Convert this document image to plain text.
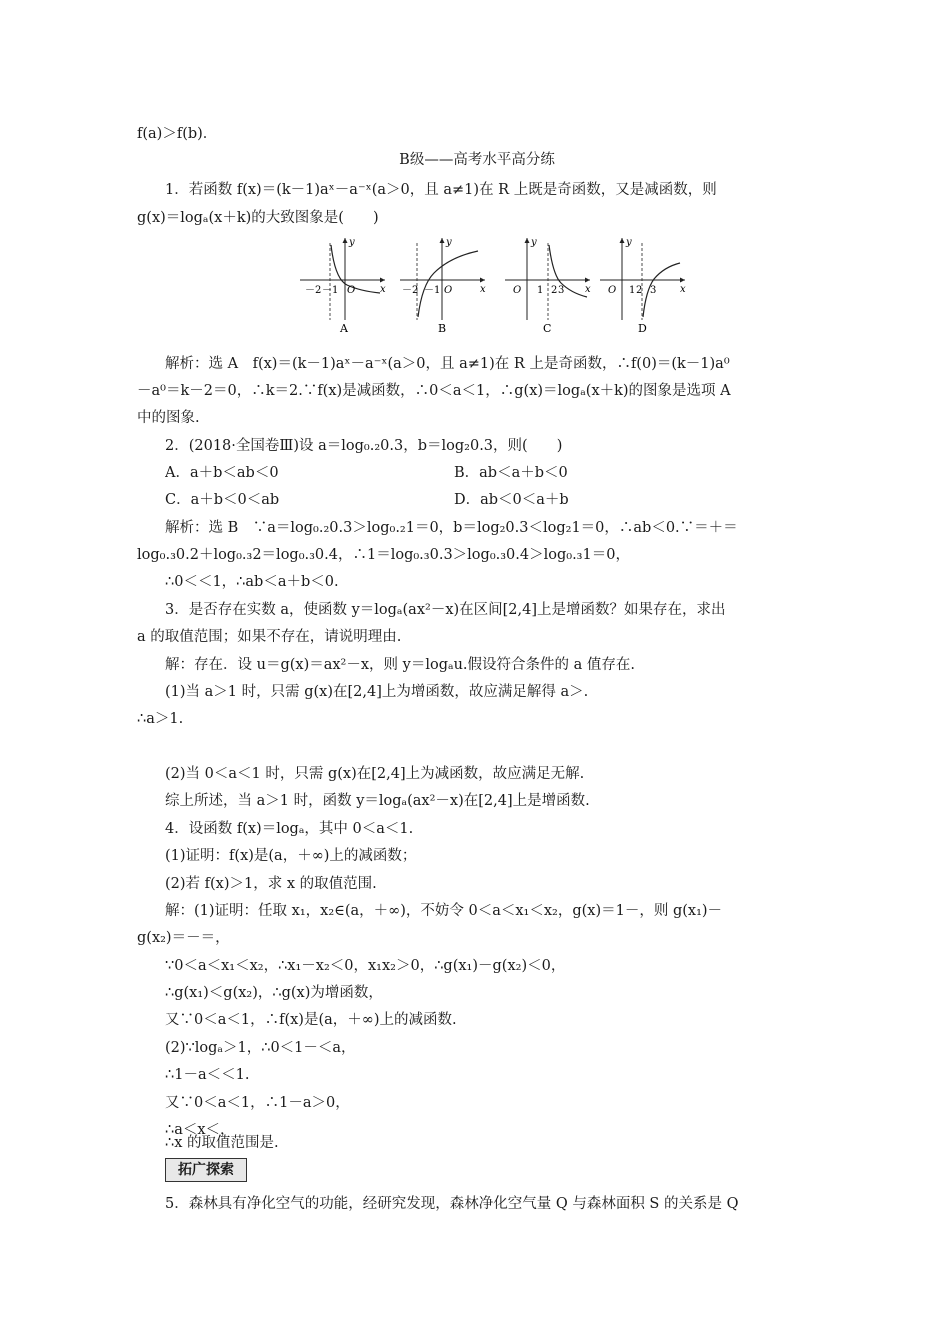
f(a)＞f(b)．
B级——高考水平高分练
1．若函数 f(x)＝(k－1)aˣ－a⁻ˣ(a＞0，且 a≠1)在 R 上既是奇函数，又是减函数，则
g(x)＝logₐ(x＋k)的大致图象是(　　)
y
x
－2 －1 O
A
y
x
－2 －1 O
B
y
x
O 1 2 3
C
y
x
O 1 2 3
D
解析：选 A　f(x)＝(k－1)aˣ－a⁻ˣ(a＞0，且 a≠1)在 R 上是奇函数，∴f(0)＝(k－1)a⁰
－a⁰＝k－2＝0，∴k＝2.∵f(x)是减函数，∴0＜a＜1，∴g(x)＝logₐ(x＋k)的图象是选项 A
中的图象.
2．(2018·全国卷Ⅲ)设 a＝log₀.₂0.3，b＝log₂0.3，则(　　)
A．a＋b＜ab＜0	B．ab＜a＋b＜0
C．a＋b＜0＜ab	D．ab＜0＜a＋b
解析：选 B　∵a＝log₀.₂0.3＞log₀.₂1＝0，b＝log₂0.3＜log₂1＝0，∴ab＜0.∵＝＋＝
log₀.₃0.2＋log₀.₃2＝log₀.₃0.4，∴1＝log₀.₃0.3＞log₀.₃0.4＞log₀.₃1＝0，
∴0＜＜1，∴ab＜a＋b＜0.
3．是否存在实数 a，使函数 y＝logₐ(ax²－x)在区间[2,4]上是增函数？如果存在，求出
a 的取值范围；如果不存在，请说明理由.
解：存在．设 u＝g(x)＝ax²－x，则 y＝logₐu.假设符合条件的 a 值存在.
(1)当 a＞1 时，只需 g(x)在[2,4]上为增函数，故应满足解得 a＞.
∴a＞1.
(2)当 0＜a＜1 时，只需 g(x)在[2,4]上为减函数，故应满足无解.
综上所述，当 a＞1 时，函数 y＝logₐ(ax²－x)在[2,4]上是增函数.
4．设函数 f(x)＝logₐ，其中 0＜a＜1.
(1)证明：f(x)是(a，＋∞)上的减函数；
(2)若 f(x)＞1，求 x 的取值范围.
解：(1)证明：任取 x₁，x₂∈(a，＋∞)，不妨令 0＜a＜x₁＜x₂，g(x)＝1－，则 g(x₁)－
g(x₂)＝－＝，
∵0＜a＜x₁＜x₂，∴x₁－x₂＜0，x₁x₂＞0，∴g(x₁)－g(x₂)＜0，
∴g(x₁)＜g(x₂)，∴g(x)为增函数，
又∵0＜a＜1，∴f(x)是(a，＋∞)上的减函数.
(2)∵logₐ＞1，∴0＜1－＜a，
∴1－a＜＜1.
又∵0＜a＜1，∴1－a＞0，
∴a＜x＜，
∴x 的取值范围是.
拓广探索
5．森林具有净化空气的功能，经研究发现，森林净化空气量 Q 与森林面积 S 的关系是 Q
